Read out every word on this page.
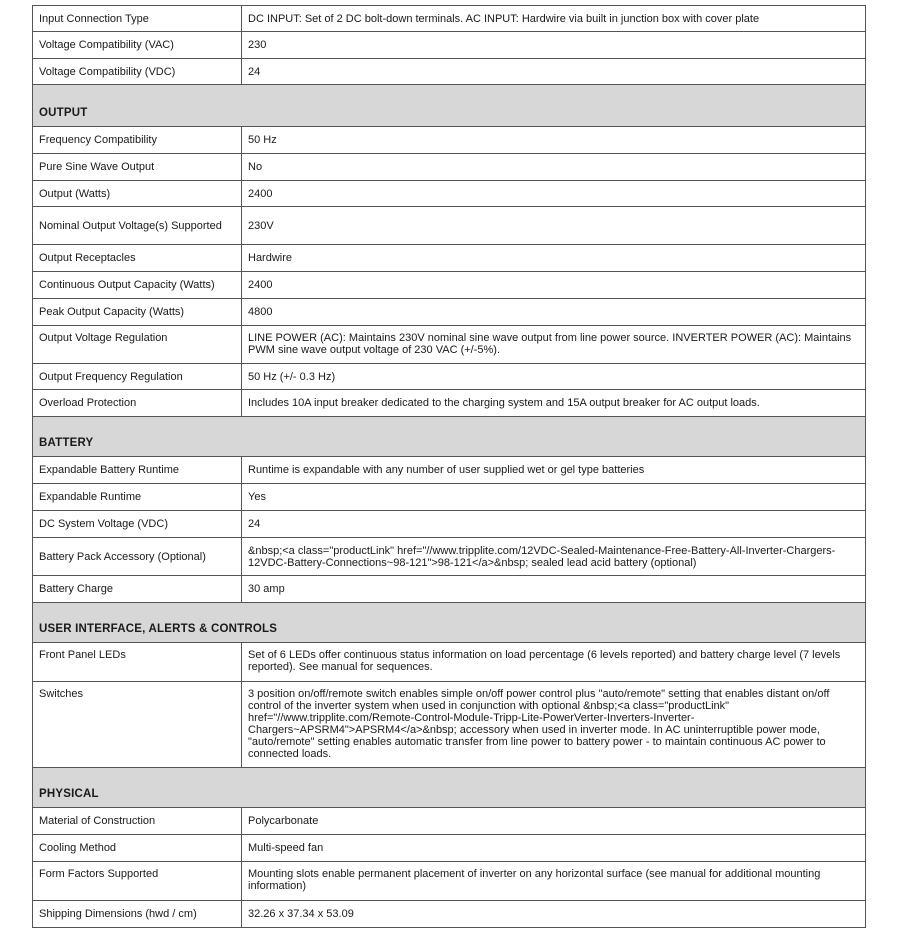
Input Connection Type	DC INPUT: Set of 2 DC bolt-down terminals. AC INPUT: Hardwire via built in junction box with cover plate
Voltage Compatibility (VAC)	230
Voltage Compatibility (VDC)	24
OUTPUT	
Frequency Compatibility	50 Hz
Pure Sine Wave Output	No
Output (Watts)	2400
Nominal Output Voltage(s) Supported	230V
Output Receptacles	Hardwire
Continuous Output Capacity (Watts)	2400
Peak Output Capacity (Watts)	4800
Output Voltage Regulation	LINE POWER (AC): Maintains 230V nominal sine wave output from line power source. INVERTER POWER (AC): Maintains PWM sine wave output voltage of 230 VAC (+/-5%).
Output Frequency Regulation	50 Hz (+/- 0.3 Hz)
Overload Protection	Includes 10A input breaker dedicated to the charging system and 15A output breaker for AC output loads.
BATTERY	
Expandable Battery Runtime	Runtime is expandable with any number of user supplied wet or gel type batteries
Expandable Runtime	Yes
DC System Voltage (VDC)	24
Battery Pack Accessory (Optional)	&nbsp;<a class="productLink" href="//www.tripplite.com/12VDC-Sealed-Maintenance-Free-Battery-All-Inverter-Chargers-12VDC-Battery-Connections~98-121">98-121</a>&nbsp; sealed lead acid battery (optional)
Battery Charge	30 amp
USER INTERFACE, ALERTS & CONTROLS	
Front Panel LEDs	Set of 6 LEDs offer continuous status information on load percentage (6 levels reported) and battery charge level (7 levels reported). See manual for sequences.
Switches	3 position on/off/remote switch enables simple on/off power control plus "auto/remote" setting that enables distant on/off control of the inverter system when used in conjunction with optional &nbsp;<a class="productLink" href="//www.tripplite.com/Remote-Control-Module-Tripp-Lite-PowerVerter-Inverters-Inverter-Chargers~APSRM4">APSRM4</a>&nbsp; accessory when used in inverter mode. In AC uninterruptible power mode, "auto/remote" setting enables automatic transfer from line power to battery power - to maintain continuous AC power to connected loads.
PHYSICAL	
Material of Construction	Polycarbonate
Cooling Method	Multi-speed fan
Form Factors Supported	Mounting slots enable permanent placement of inverter on any horizontal surface (see manual for additional mounting information)
Shipping Dimensions (hwd / cm)	32.26 x 37.34 x 53.09
